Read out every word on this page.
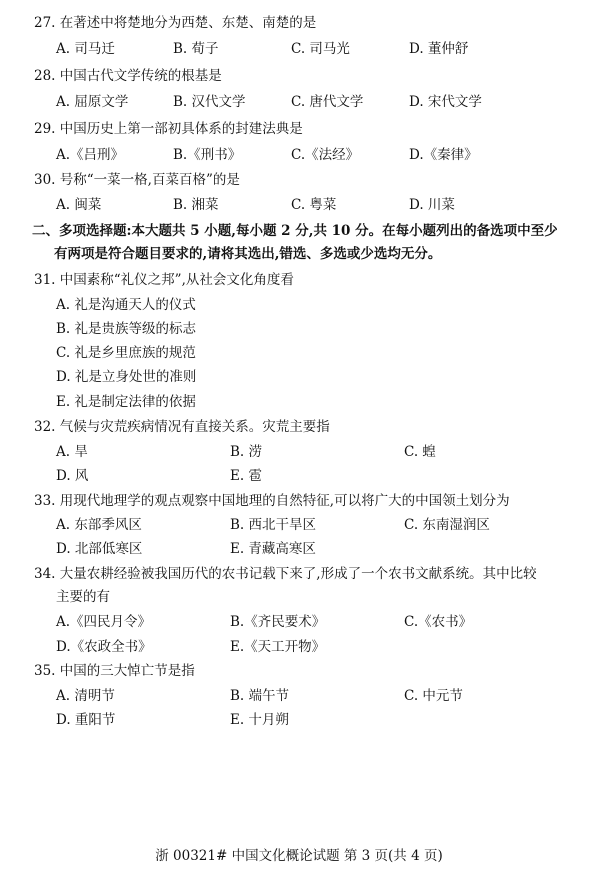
27. 在著述中将楚地分为西楚、东楚、南楚的是
A. 司马迁	B. 荀子	C. 司马光	D. 董仲舒
28. 中国古代文学传统的根基是
A. 屈原文学	B. 汉代文学	C. 唐代文学	D. 宋代文学
29. 中国历史上第一部初具体系的封建法典是
A.《吕刑》	B.《刑书》	C.《法经》	D.《秦律》
30. 号称“一菜一格,百菜百格”的是
A. 闽菜	B. 湘菜	C. 粤菜	D. 川菜
二、多项选择题:本大题共 5 小题,每小题 2 分,共 10 分。在每小题列出的备选项中至少
有两项是符合题目要求的,请将其选出,错选、多选或少选均无分。
31. 中国素称“礼仪之邦”,从社会文化角度看
A. 礼是沟通天人的仪式
B. 礼是贵族等级的标志
C. 礼是乡里庶族的规范
D. 礼是立身处世的准则
E. 礼是制定法律的依据
32. 气候与灾荒疾病情况有直接关系。灾荒主要指
A. 旱	B. 涝	C. 蝗
D. 风	E. 雹
33. 用现代地理学的观点观察中国地理的自然特征,可以将广大的中国领土划分为
A. 东部季风区	B. 西北干旱区	C. 东南湿润区
D. 北部低寒区	E. 青藏高寒区
34. 大量农耕经验被我国历代的农书记载下来了,形成了一个农书文献系统。其中比较
主要的有
A.《四民月令》	B.《齐民要术》	C.《农书》
D.《农政全书》	E.《天工开物》
35. 中国的三大悼亡节是指
A. 清明节	B. 端午节	C. 中元节
D. 重阳节	E. 十月朔
浙 00321# 中国文化概论试题 第 3 页(共 4 页)
